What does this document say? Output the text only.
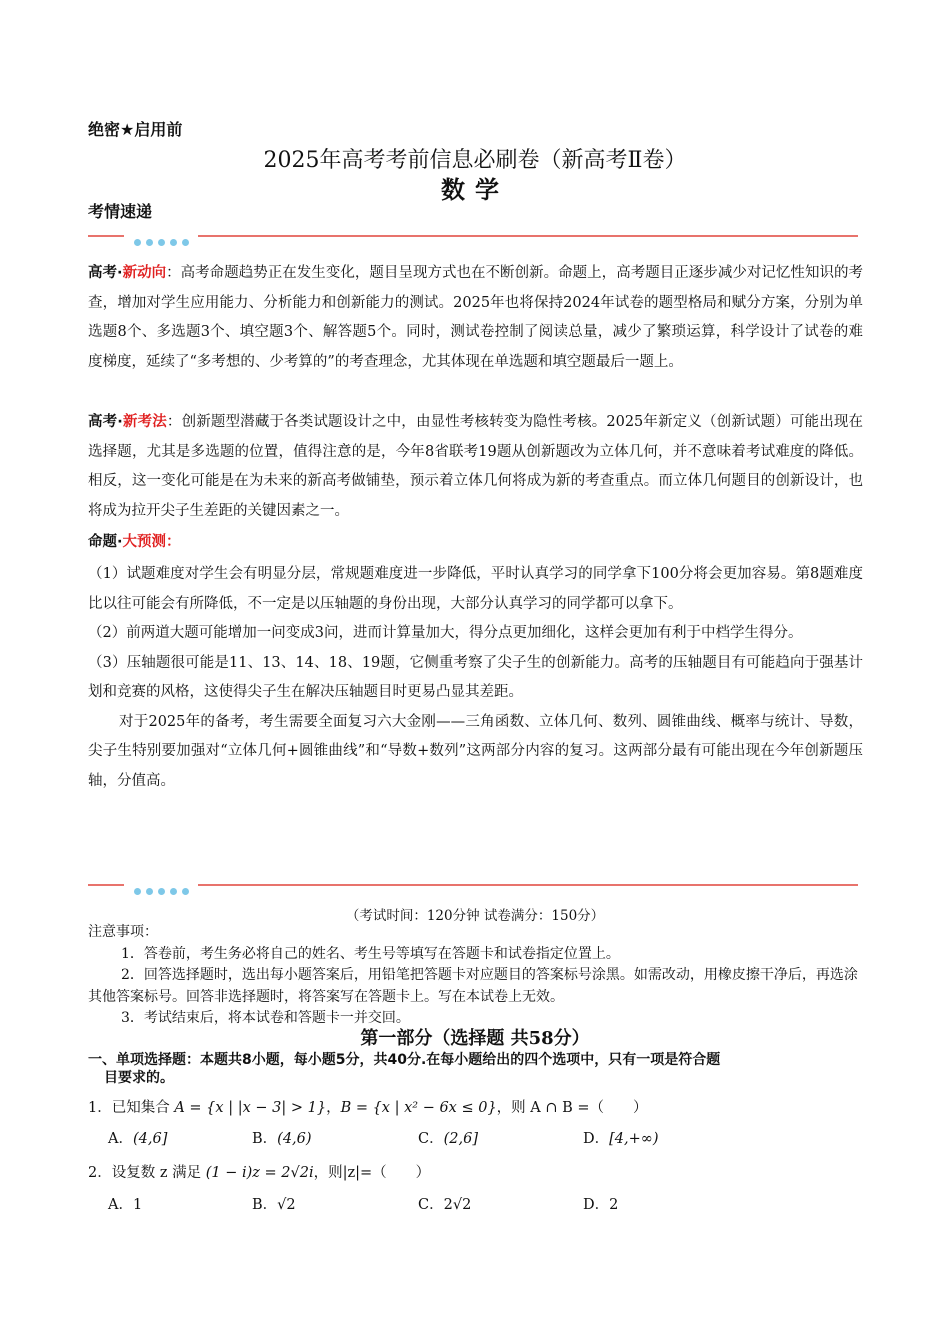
绝密★启用前
2025年高考考前信息必刷卷（新高考Ⅱ卷）
数学
考情速递
高考·新动向：高考命题趋势正在发生变化，题目呈现方式也在不断创新。命题上，高考题目正逐步减少对记忆性知识的考查，增加对学生应用能力、分析能力和创新能力的测试。2025年也将保持2024年试卷的题型格局和赋分方案，分别为单选题8个、多选题3个、填空题3个、解答题5个。同时，测试卷控制了阅读总量，减少了繁琐运算，科学设计了试卷的难度梯度，延续了“多考想的、少考算的”的考查理念，尤其体现在单选题和填空题最后一题上。
高考·新考法：创新题型潜藏于各类试题设计之中，由显性考核转变为隐性考核。2025年新定义（创新试题）可能出现在选择题，尤其是多选题的位置，值得注意的是，今年8省联考19题从创新题改为立体几何，并不意味着考试难度的降低。相反，这一变化可能是在为未来的新高考做铺垫，预示着立体几何将成为新的考查重点。而立体几何题目的创新设计，也将成为拉开尖子生差距的关键因素之一。
命题·大预测：
（1）试题难度对学生会有明显分层，常规题难度进一步降低，平时认真学习的同学拿下100分将会更加容易。第8题难度比以往可能会有所降低，不一定是以压轴题的身份出现，大部分认真学习的同学都可以拿下。
（2）前两道大题可能增加一问变成3问，进而计算量加大，得分点更加细化，这样会更加有利于中档学生得分。
（3）压轴题很可能是11、13、14、18、19题，它侧重考察了尖子生的创新能力。高考的压轴题目有可能趋向于强基计划和竞赛的风格，这使得尖子生在解决压轴题目时更易凸显其差距。
对于2025年的备考，考生需要全面复习六大金刚——三角函数、立体几何、数列、圆锥曲线、概率与统计、导数，尖子生特别要加强对“立体几何+圆锥曲线”和“导数+数列”这两部分内容的复习。这两部分最有可能出现在今年创新题压轴，分值高。
（考试时间：120分钟 试卷满分：150分）
注意事项：
1．答卷前，考生务必将自己的姓名、考生号等填写在答题卡和试卷指定位置上。
2．回答选择题时，选出每小题答案后，用铅笔把答题卡对应题目的答案标号涂黑。如需改动，用橡皮擦干净后，再选涂其他答案标号。回答非选择题时，将答案写在答题卡上。写在本试卷上无效。
3．考试结束后，将本试卷和答题卡一并交回。
第一部分（选择题 共58分）
一、单项选择题：本题共8小题，每小题5分，共40分.在每小题给出的四个选项中，只有一项是符合题
目要求的。
1．已知集合 A = {x | |x − 3| > 1}，B = {x | x² − 6x ≤ 0}，则 A ∩ B =（　　）
A．(4,6]	B．(4,6)	C．(2,6]	D．[4,+∞)
2．设复数 z 满足 (1 − i)z = 2√2i，则|z|=（　　）
A．1	B．√2	C．2√2	D．2
